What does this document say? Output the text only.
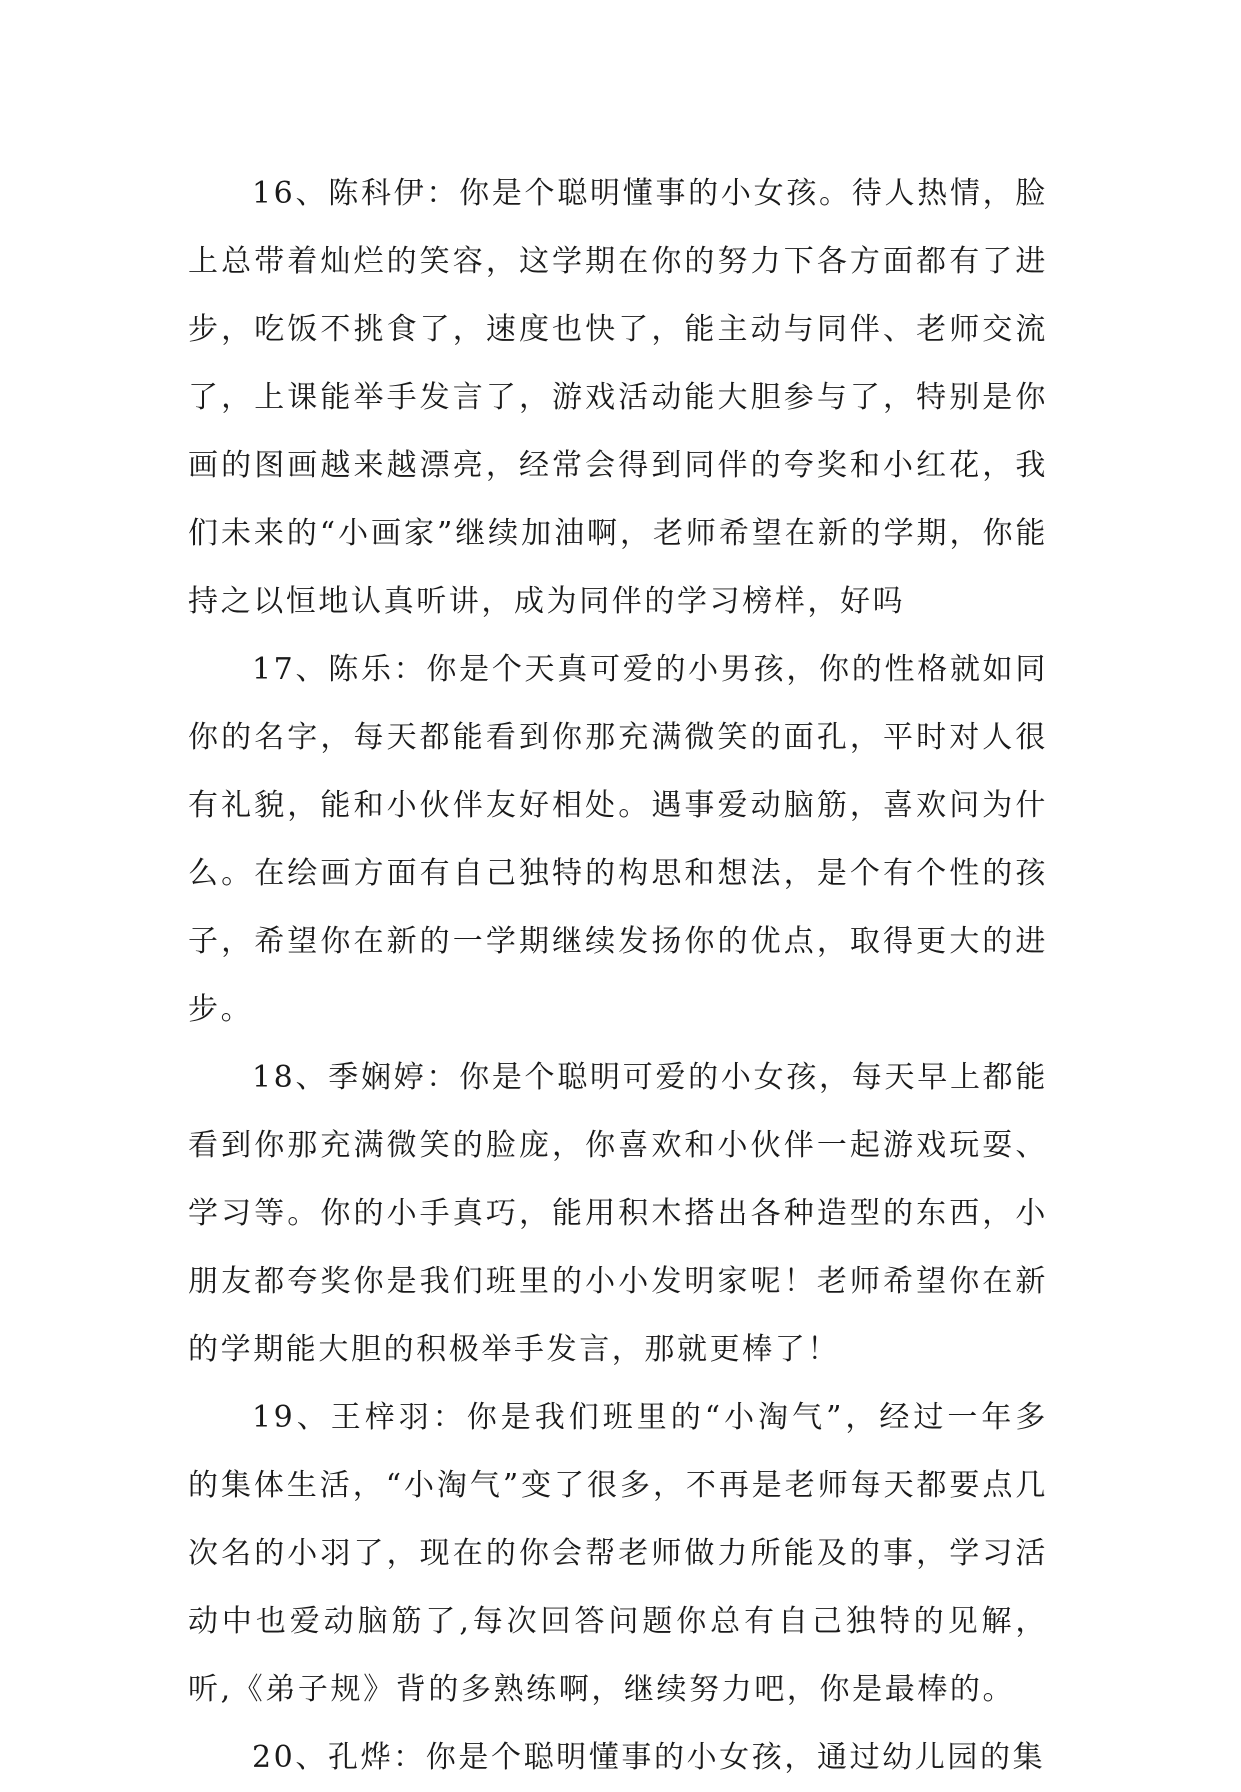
16、陈科伊：你是个聪明懂事的小女孩。待人热情，脸上总带着灿烂的笑容，这学期在你的努力下各方面都有了进步，吃饭不挑食了，速度也快了，能主动与同伴、老师交流了，上课能举手发言了，游戏活动能大胆参与了，特别是你画的图画越来越漂亮，经常会得到同伴的夸奖和小红花，我们未来的“小画家”继续加油啊，老师希望在新的学期，你能持之以恒地认真听讲，成为同伴的学习榜样，好吗

17、陈乐：你是个天真可爱的小男孩，你的性格就如同你的名字，每天都能看到你那充满微笑的面孔，平时对人很有礼貌，能和小伙伴友好相处。遇事爱动脑筋，喜欢问为什么。在绘画方面有自己独特的构思和想法，是个有个性的孩子，希望你在新的一学期继续发扬你的优点，取得更大的进步。

18、季娴婷：你是个聪明可爱的小女孩，每天早上都能看到你那充满微笑的脸庞，你喜欢和小伙伴一起游戏玩耍、学习等。你的小手真巧，能用积木搭出各种造型的东西，小朋友都夸奖你是我们班里的小小发明家呢！老师希望你在新的学期能大胆的积极举手发言，那就更棒了！

19、王梓羽：你是我们班里的“小淘气”，经过一年多的集体生活，“小淘气”变了很多，不再是老师每天都要点几次名的小羽了，现在的你会帮老师做力所能及的事，学习活动中也爱动脑筋了,每次回答问题你总有自己独特的见解，听,《弟子规》背的多熟练啊，继续努力吧，你是最棒的。

20、孔烨：你是个聪明懂事的小女孩，通过幼儿园的集
